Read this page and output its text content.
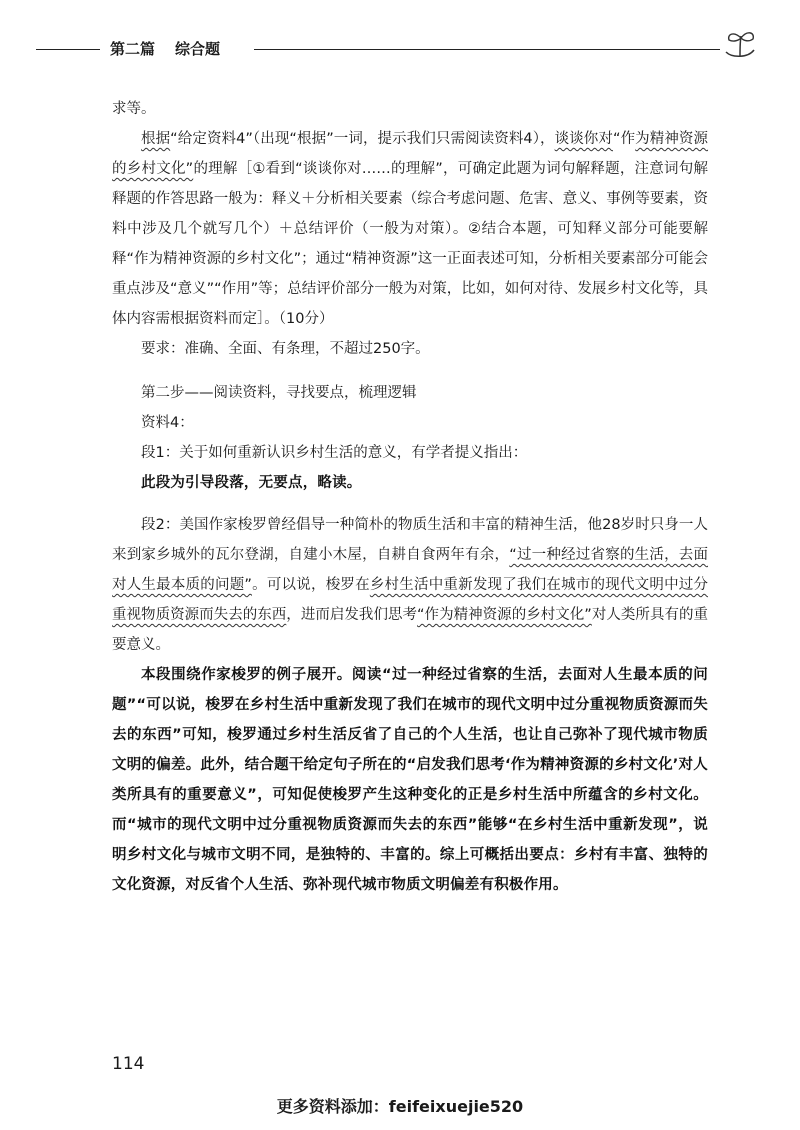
第二篇 综合题

求等。

根据“给定资料4”（出现“根据”一词，提示我们只需阅读资料4），谈谈你对“作为精神资源的乡村文化”的理解［①看到“谈谈你对……的理解”，可确定此题为词句解释题，注意词句解释题的作答思路一般为：释义＋分析相关要素（综合考虑问题、危害、意义、事例等要素，资料中涉及几个就写几个）＋总结评价（一般为对策）。②结合本题，可知释义部分可能要解释“作为精神资源的乡村文化”；通过“精神资源”这一正面表述可知，分析相关要素部分可能会重点涉及“意义”“作用”等；总结评价部分一般为对策，比如，如何对待、发展乡村文化等，具体内容需根据资料而定］。（10分）

要求：准确、全面、有条理，不超过250字。

第二步——阅读资料，寻找要点，梳理逻辑

资料4：

段1：关于如何重新认识乡村生活的意义，有学者提义指出：

此段为引导段落，无要点，略读。

段2：美国作家梭罗曾经倡导一种简朴的物质生活和丰富的精神生活，他28岁时只身一人来到家乡城外的瓦尔登湖，自建小木屋，自耕自食两年有余，“过一种经过省察的生活，去面对人生最本质的问题”。可以说，梭罗在乡村生活中重新发现了我们在城市的现代文明中过分重视物质资源而失去的东西，进而启发我们思考“作为精神资源的乡村文化”对人类所具有的重要意义。

本段围绕作家梭罗的例子展开。阅读“过一种经过省察的生活，去面对人生最本质的问题”“可以说，梭罗在乡村生活中重新发现了我们在城市的现代文明中过分重视物质资源而失去的东西”可知，梭罗通过乡村生活反省了自己的个人生活，也让自己弥补了现代城市物质文明的偏差。此外，结合题干给定句子所在的“启发我们思考‘作为精神资源的乡村文化’对人类所具有的重要意义”，可知促使梭罗产生这种变化的正是乡村生活中所蕴含的乡村文化。而“城市的现代文明中过分重视物质资源而失去的东西”能够“在乡村生活中重新发现”，说明乡村文化与城市文明不同，是独特的、丰富的。综上可概括出要点：乡村有丰富、独特的文化资源，对反省个人生活、弥补现代城市物质文明偏差有积极作用。

114
更多资料添加：feifeixuejie520
